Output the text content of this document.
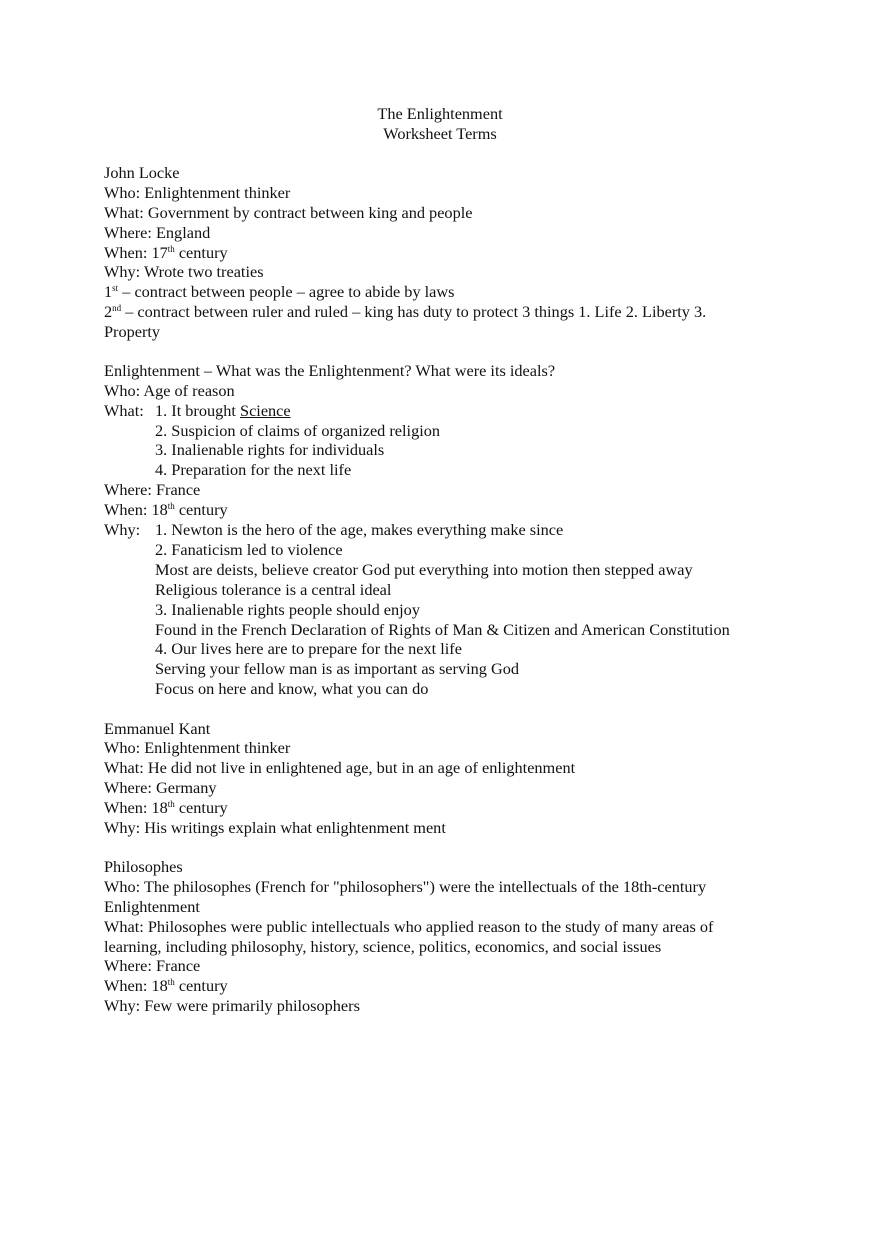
The Enlightenment
Worksheet Terms
John Locke
Who: Enlightenment thinker
What: Government by contract between king and people
Where: England
When: 17th century
Why: Wrote two treaties
1st – contract between people – agree to abide by laws
2nd – contract between ruler and ruled – king has duty to protect 3 things 1. Life 2. Liberty 3.
Property
Enlightenment – What was the Enlightenment? What were its ideals?
Who: Age of reason
What: 1. It brought Science
2. Suspicion of claims of organized religion
3. Inalienable rights for individuals
4. Preparation for the next life
Where: France
When: 18th century
Why: 1. Newton is the hero of the age, makes everything make since
2. Fanaticism led to violence
Most are deists, believe creator God put everything into motion then stepped away
Religious tolerance is a central ideal
3. Inalienable rights people should enjoy
Found in the French Declaration of Rights of Man & Citizen and American Constitution
4. Our lives here are to prepare for the next life
Serving your fellow man is as important as serving God
Focus on here and know, what you can do
Emmanuel Kant
Who: Enlightenment thinker
What: He did not live in enlightened age, but in an age of enlightenment
Where: Germany
When: 18th century
Why: His writings explain what enlightenment ment
Philosophes
Who: The philosophes (French for "philosophers") were the intellectuals of the 18th-century
Enlightenment
What: Philosophes were public intellectuals who applied reason to the study of many areas of
learning, including philosophy, history, science, politics, economics, and social issues
Where: France
When: 18th century
Why: Few were primarily philosophers
